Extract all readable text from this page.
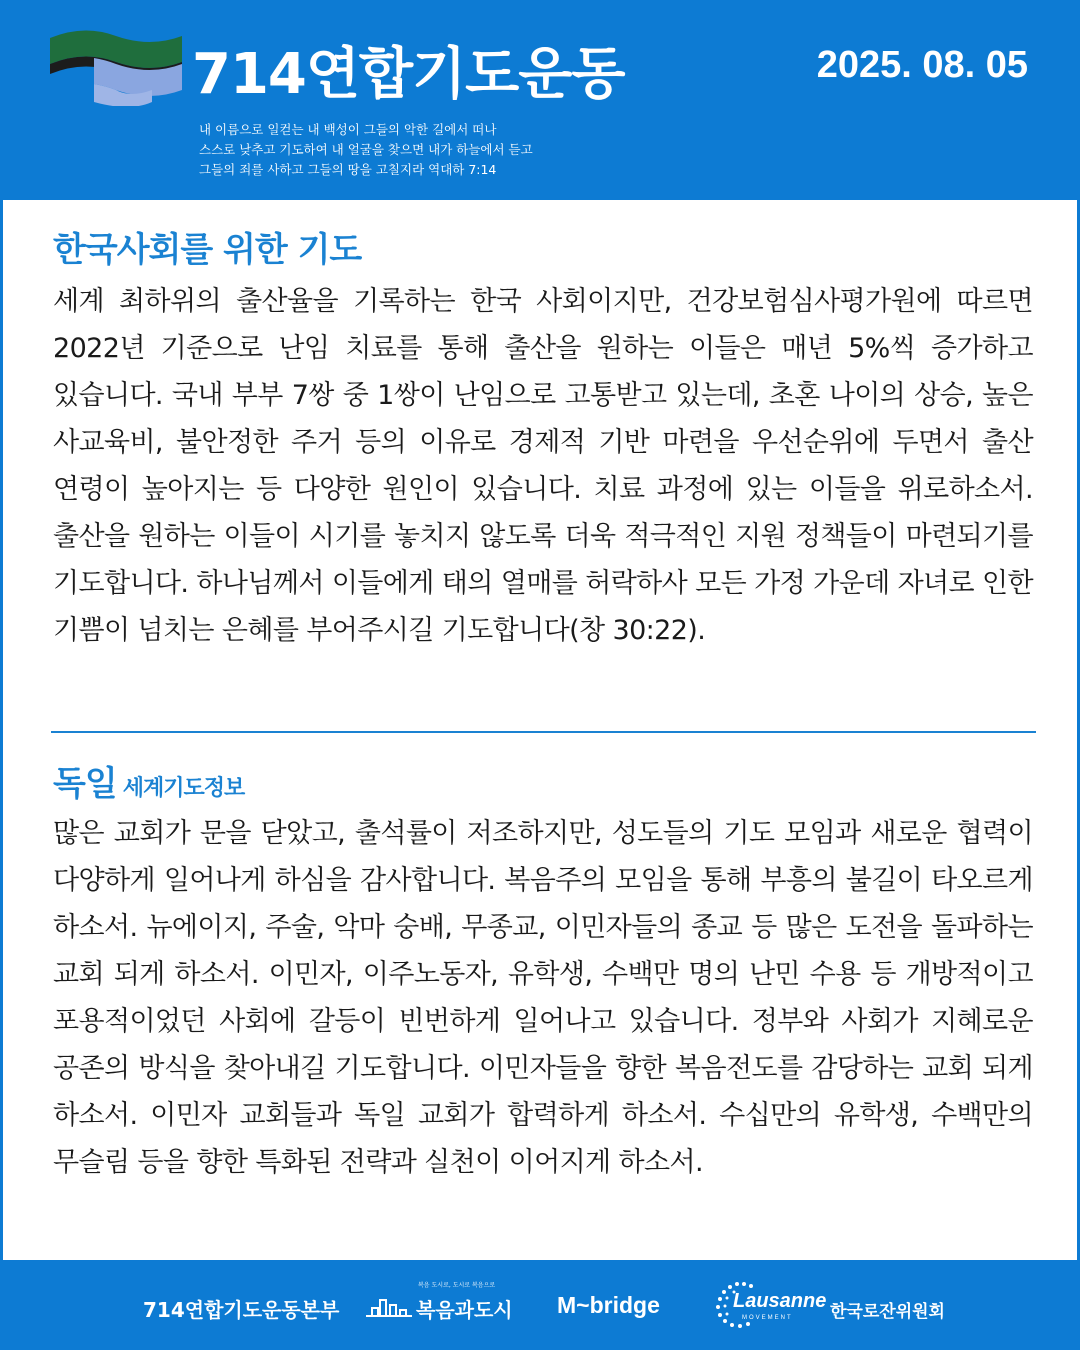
714연합기도운동	2025. 08. 05
내 이름으로 일컫는 내 백성이 그들의 악한 길에서 떠나
스스로 낮추고 기도하여 내 얼굴을 찾으면 내가 하늘에서 듣고
그들의 죄를 사하고 그들의 땅을 고칠지라 역대하 7:14
한국사회를 위한 기도
세계 최하위의 출산율을 기록하는 한국 사회이지만, 건강보험심사평가원에 따르면 2022년 기준으로 난임 치료를 통해 출산을 원하는 이들은 매년 5%씩 증가하고 있습니다. 국내 부부 7쌍 중 1쌍이 난임으로 고통받고 있는데, 초혼 나이의 상승, 높은 사교육비, 불안정한 주거 등의 이유로 경제적 기반 마련을 우선순위에 두면서 출산 연령이 높아지는 등 다양한 원인이 있습니다. 치료 과정에 있는 이들을 위로하소서. 출산을 원하는 이들이 시기를 놓치지 않도록 더욱 적극적인 지원 정책들이 마련되기를 기도합니다. 하나님께서 이들에게 태의 열매를 허락하사 모든 가정 가운데 자녀로 인한 기쁨이 넘치는 은혜를 부어주시길 기도합니다(창 30:22).
독일 세계기도정보
많은 교회가 문을 닫았고, 출석률이 저조하지만, 성도들의 기도 모임과 새로운 협력이 다양하게 일어나게 하심을 감사합니다. 복음주의 모임을 통해 부흥의 불길이 타오르게 하소서. 뉴에이지, 주술, 악마 숭배, 무종교, 이민자들의 종교 등 많은 도전을 돌파하는 교회 되게 하소서. 이민자, 이주노동자, 유학생, 수백만 명의 난민 수용 등 개방적이고 포용적이었던 사회에 갈등이 빈번하게 일어나고 있습니다. 정부와 사회가 지혜로운 공존의 방식을 찾아내길 기도합니다. 이민자들을 향한 복음전도를 감당하는 교회 되게 하소서. 이민자 교회들과 독일 교회가 합력하게 하소서. 수십만의 유학생, 수백만의 무슬림 등을 향한 특화된 전략과 실천이 이어지게 하소서.
714연합기도운동본부
복음 도시로, 도시로 복음으로
복음과도시 M~bridge	Lausanne
MOVEMENT 한국로잔위원회
